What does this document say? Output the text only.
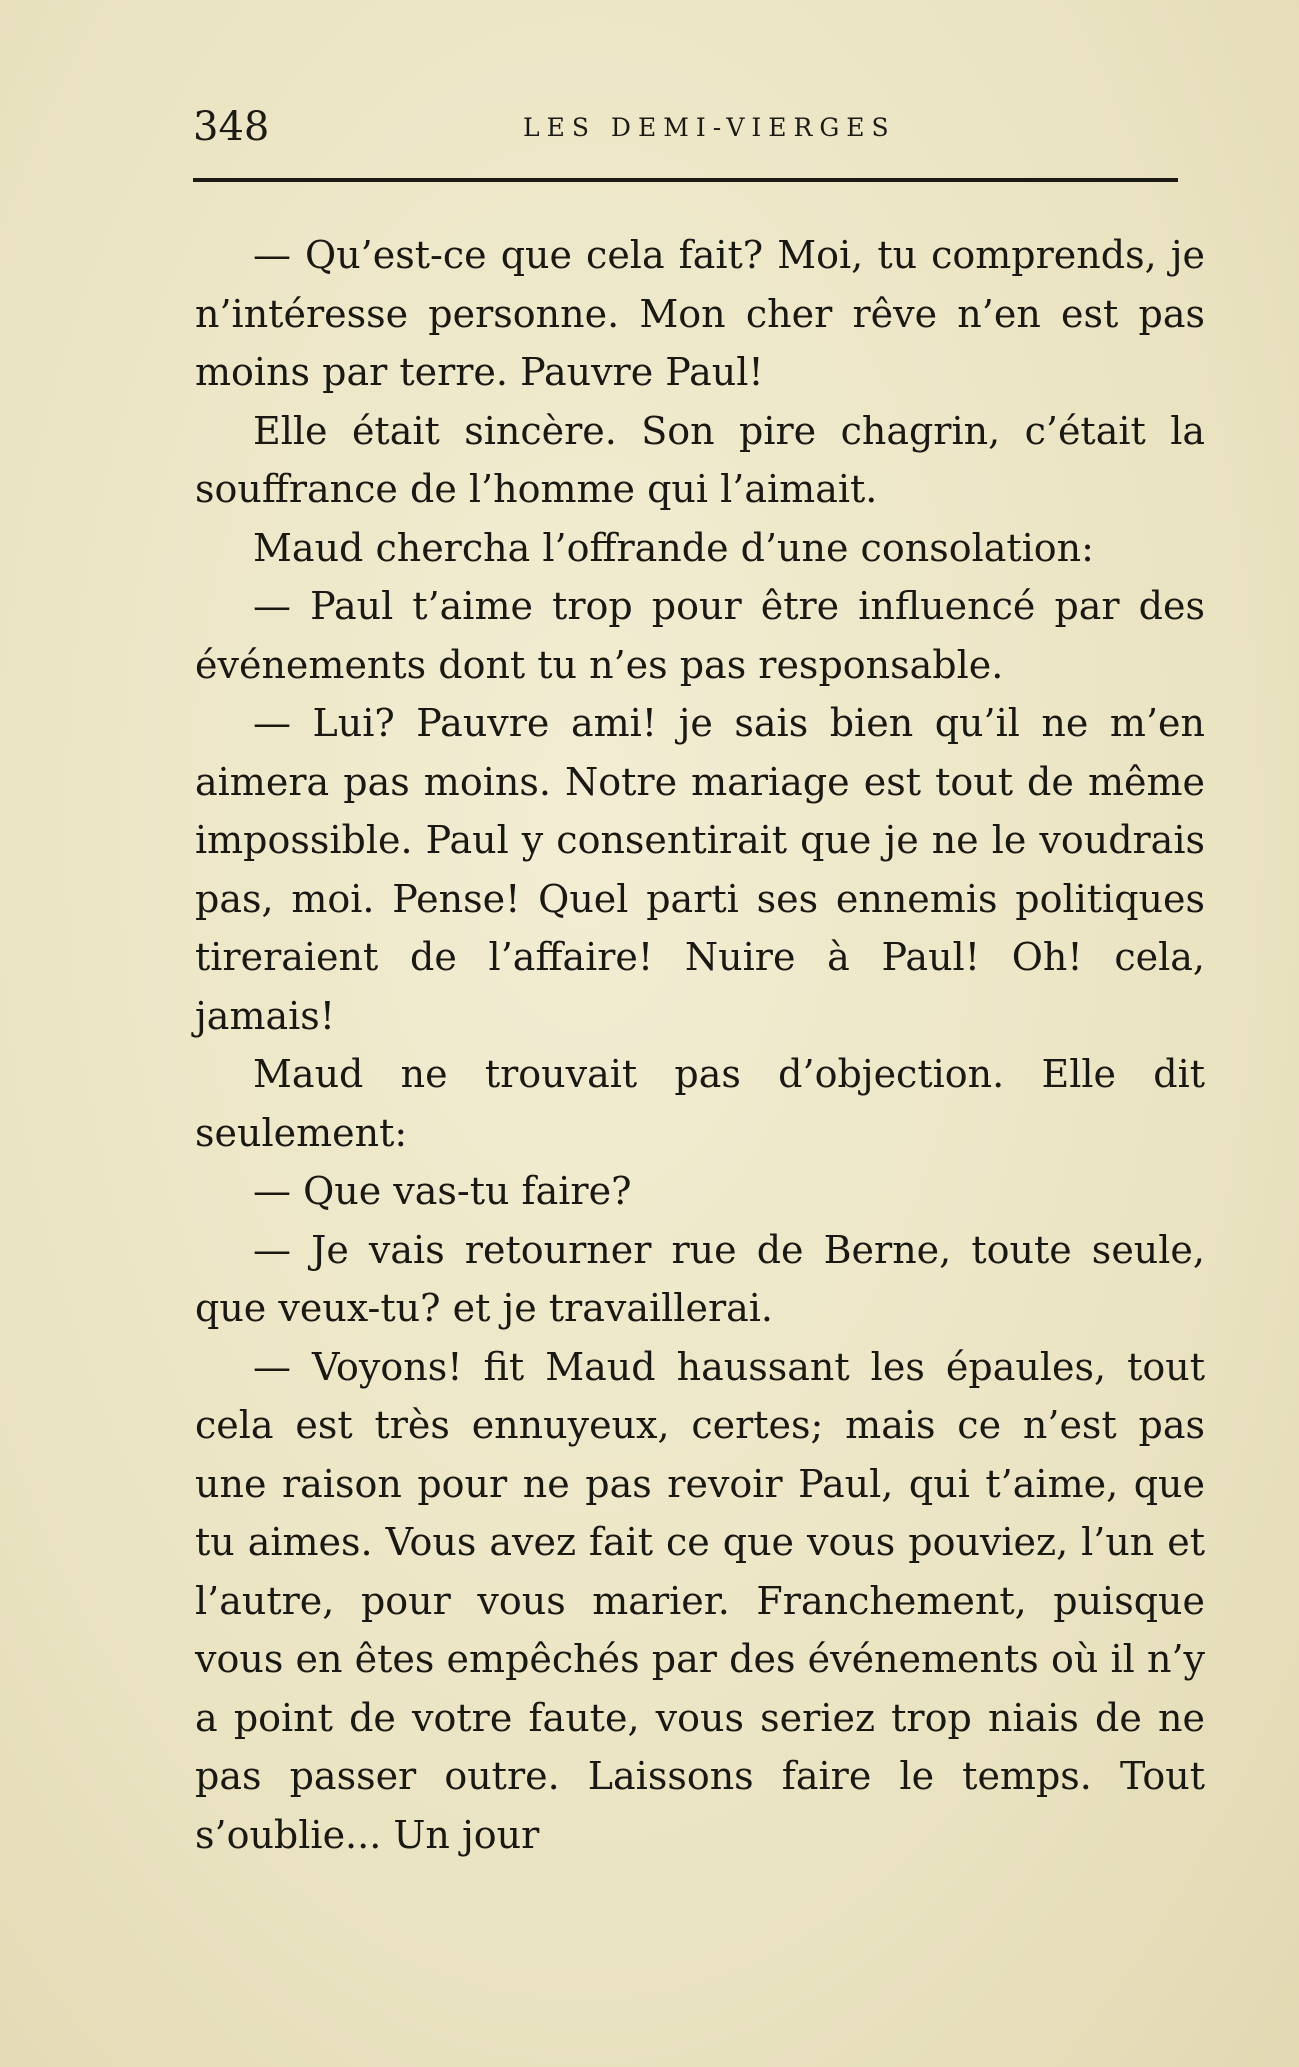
348	LES DEMI-VIERGES

— Qu’est-ce que cela fait? Moi, tu comprends, je n’intéresse personne. Mon cher rêve n’en est pas moins par terre. Pauvre Paul!

Elle était sincère. Son pire chagrin, c’était la souffrance de l’homme qui l’aimait.

Maud chercha l’offrande d’une consolation:

— Paul t’aime trop pour être influencé par des événements dont tu n’es pas responsable.

— Lui? Pauvre ami! je sais bien qu’il ne m’en aimera pas moins. Notre mariage est tout de même impossible. Paul y consentirait que je ne le voudrais pas, moi. Pense! Quel parti ses ennemis politiques tireraient de l’affaire! Nuire à Paul! Oh! cela, jamais!

Maud ne trouvait pas d’objection. Elle dit seulement:

— Que vas-tu faire?

— Je vais retourner rue de Berne, toute seule, que veux-tu? et je travaillerai.

— Voyons! fit Maud haussant les épaules, tout cela est très ennuyeux, certes; mais ce n’est pas une raison pour ne pas revoir Paul, qui t’aime, que tu aimes. Vous avez fait ce que vous pouviez, l’un et l’autre, pour vous marier. Franchement, puisque vous en êtes empêchés par des événements où il n’y a point de votre faute, vous seriez trop niais de ne pas passer outre. Laissons faire le temps. Tout s’oublie... Un jour
